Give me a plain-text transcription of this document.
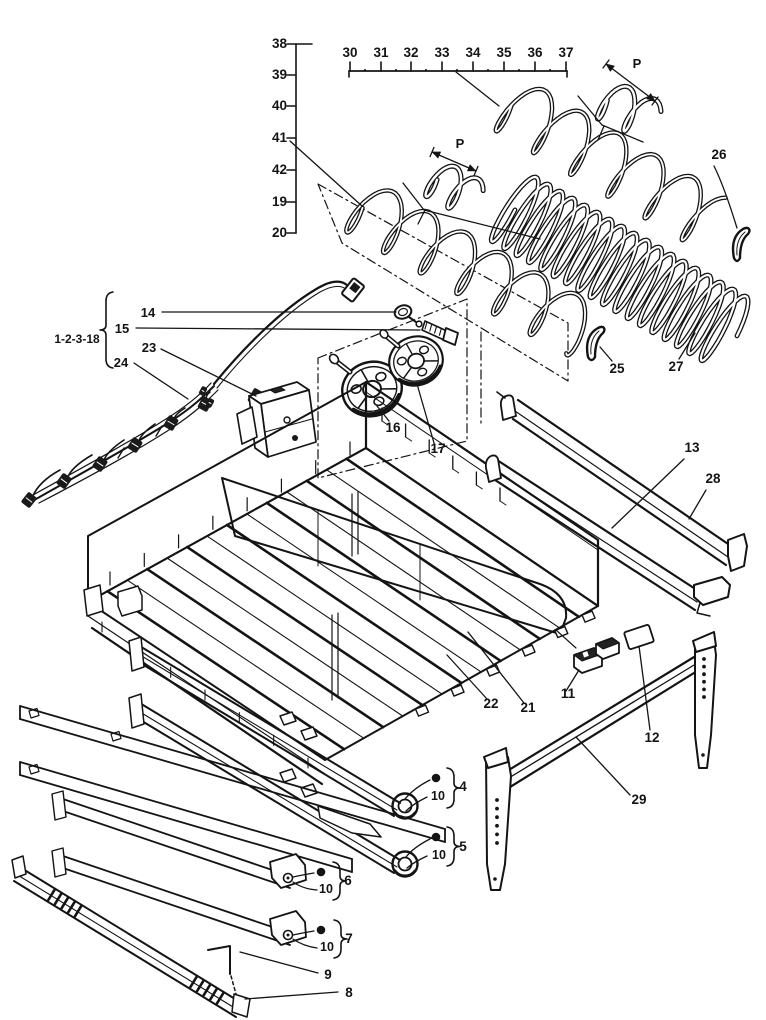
38
39
40
41
42
19
20
30 31 32 33 34 35 36 37
P
P
26
27
25
14
15
1-2-3-18
23
24
16
17	13
28
22 21
11
12
29
4
10
5
10
6
10
7
10
9
8
